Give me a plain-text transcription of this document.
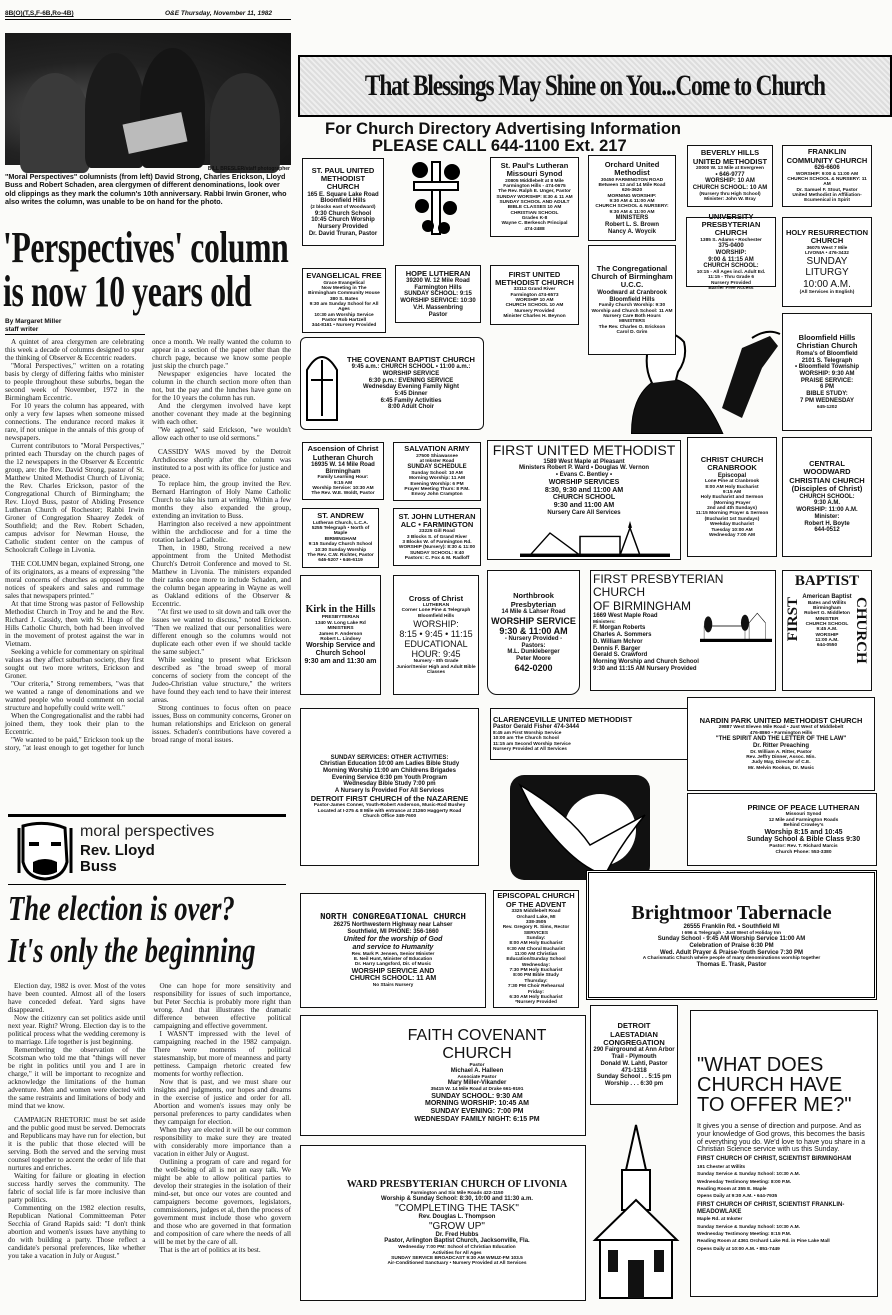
8B(O)(T,S,F-6B,Ro-4B)	O&E Thursday, November 11, 1982
BILL BRESLER/staff photographer
"Moral Perspectives" columnists (from left) David Strong, Charles Erickson, Lloyd Buss and Robert Schaden, area clergymen of different denominations, look over old clippings as they mark the column's 10th anniversary. Rabbi Irwin Groner, who also writes the column, was unable to be on hand for the photo.
'Perspectives' column is now 10 years old
By Margaret Miller
staff writer

A quintet of area clergymen are celebrating this week a decade of columns designed to spur the thinking of Observer & Eccentric readers.

"Moral Perspectives," written on a rotating basis by clergy of differing faiths who minister to people throughout these suburbs, began the second week of November, 1972 in the Birmingham Eccentric.

For 10 years the column has appeared, with only a very few lapses when someone missed connections. The endurance record makes it rare, if not unique in the annals of this group of newspapers.

Current contributors to "Moral Perspectives," printed each Thursday on the church pages of the 12 newspapers in the Observer & Eccentric group, are: the Rev. David Strong, pastor of St. Matthew United Methodist Church of Livonia; the Rev. Charles Erickson, pastor of the Congregational Church of Birmingham; the Rev. Lloyd Buss, pastor of Abiding Presence Lutheran Church of Rochester; Rabbi Irwin Groner of Congregation Shaarey Zedek of Southfield; and the Rev. Robert Schaden, campus advisor for Newman House, the Catholic student center on the campus of Schoolcraft College in Livonia.

THE COLUMN began, explained Strong, one of its originators, as a means of expressing "the moral concerns of churches as opposed to the notices of speakers and sales and rummage sales that newspapers printed."

At that time Strong was pastor of Fellowship Methodist Church in Troy and he and the Rev. Richard J. Cassidy, then with St. Hugo of the Hills Catholic Church, both had been involved in the movement of protest against the war in Vietnam.

Seeking a vehicle for commentary on spiritual values as they affect suburban society, they first sought out two more writers, Erickson and Groner.

"Our criteria," Strong remembers, "was that we wanted a range of denominations and we wanted people who would comment on social structure and hopefully could write well."

When the Congregationalist and the rabbi had joined them, they took their plan to the Eccentric.

"We wanted to be paid," Erickson took up the story, "at least enough to get together for lunch once a month. We really wanted the column to appear in a section of the paper other than the church page, because we know some people just skip the church page."

Newspaper exigencies have located the column in the church section more often than not, but the pay and the lunches have gone on for the 10 years the column has run.

And the clergymen involved have kept another covenant they made at the beginning with each other.

"We agreed," said Erickson, "we wouldn't allow each other to use old sermons."

CASSIDY WAS moved by the Detroit Archdiocese shortly after the column was instituted to a post with its office for justice and peace.

To replace him, the group invited the Rev. Bernard Harrington of Holy Name Catholic Church to take his turn at writing. Within a few months they also expanded the group, extending an invitation to Buss.

Harrington also received a new appointment within the archdiocese and for a time the rotation lacked a Catholic.

Then, in 1980, Strong received a new appointment from the United Methodist Church's Detroit Conference and moved to St. Matthew in Livonia. The ministers expanded their ranks once more to include Schaden, and the column began appearing in Wayne as well as Oakland editions of the Observer & Eccentric.

"At first we used to sit down and talk over the issues we wanted to discuss," noted Erickson. "Then we realized that our personalities were different enough so the columns would not duplicate each other even if we should tackle the same subject."

While seeking to present what Erickson described as "the broad sweep of moral concerns of society from the concept of the Judeo-Christian value structure," the writers have found they each tend to have their interest areas.

Strong continues to focus often on peace issues, Buss on community concerns, Groner on human relationships and Erickson on general issues. Schaden's contributions have covered a broad range of moral issues.

moral perspectives
Rev. Lloyd Buss
The election is over?
It's only the beginning

Election day, 1982 is over. Most of the votes have been counted. Almost all of the losers have conceded defeat. Yard signs have disappeared.

Now the citizenry can set politics aside until next year. Right? Wrong. Election day is to the political process what the wedding ceremony is to marriage. Life together is just beginning.

Remembering the observation of the Scotsman who told me that "things will never be right in politics until you and I are in charge," it will be important to recognize and acknowledge the limitations of the human adventure. Men and women were elected with the same restraints and limitations of body and mind that we know.

CAMPAIGN RHETORIC must be set aside and the public good must be served. Democrats and Republicans may have run for election, but it is the public that those elected will be serving. Both the served and the serving must counsel together to accent the order of life that nurtures and enriches.

Waiting for failure or gloating in election success hardly serves the community. The fabric of social life is far more inclusive than party politics.

Commenting on the 1982 election results, Republican National Committeeman Peter Secchia of Grand Rapids said: "I don't think abortion and women's issues have anything to do with building a party. Those reflect a candidate's personal preferences, like whether you take a vacation in July or August."

One can hope for more sensitivity and responsibility for issues of such importance, but Peter Secchia is probably more right than wrong. And that illustrates the dramatic difference between effective political campaigning and effective government.

I WASN'T impressed with the level of campaigning reached in the 1982 campaign. There were moments of political statesmanship, but more of meanness and party pettiness. Campaign rhetoric created few moments for worthy reflection.

Now that is past, and we must share our insights and judgments, our hopes and dreams in the exercise of justice and order for all. Abortion and women's issues may only be personal preferences to party candidates when they campaign for election.

When they are elected it will be our common responsibility to make sure they are treated with considerably more importance than a vacation in either July or August.

Outlining a program of care and regard for the well-being of all is not an easy talk. We might be able to allow political parties to develop their strategies in the isolation of their mind-set, but once our votes are counted and campaigners become governors, legislators, commissioners, judges et al, then the process of government must include those who govern and those who are governed in that formation and composition of care where the needs of all will be met by the care of all.

That is the art of politics at its best.

That Blessings May Shine on You...Come to Church
For Church Directory Advertising Information
PLEASE CALL 644-1100 Ext. 217
ST. PAUL UNITED METHODIST CHURCH
165 E. Square Lake Road
Bloomfield Hills
(2 blocks east of Woodward)
9:30 Church School
10:45 Church Worship
Nursery Provided
Dr. David Truran, Pastor
St. Paul's Lutheran Missouri Synod
20805 Middlebelt at 8 Mile
Farmington Hills - 474-0675
The Rev. Ralph E. Unger, Pastor
SUNDAY WORSHIP: 8:30 & 11 AM
SUNDAY SCHOOL AND ADULT BIBLE CLASSES 10 AM
CHRISTIAN SCHOOL
Grades K-8
Wayne C. Berkesch Principal
474-2488
Orchard United Methodist
30450 FARMINGTON ROAD
Between 13 and 14 Mile Road
626-3620
MORNING WORSHIP:
9:30 AM & 11:00 AM
CHURCH SCHOOL & NURSERY:
9:30 AM & 11:00 AM
MINISTERS
Robert L. S. Brown
Nancy A. Woycik
BEVERLY HILLS UNITED METHODIST
20000 W. 13 Mile at Evergreen
• 646-9777
WORSHIP: 10 AM
CHURCH SCHOOL: 10 AM
(Nursery thru High School)
Minister: John W. Bray
FRANKLIN COMMUNITY CHURCH
626-6606
WORSHIP: 9:00 & 11:00 AM
CHURCH SCHOOL & NURSERY: 11 AM
Dr. Samuel F. Stout, Pastor
United Methodist in Affiliation-Ecumenical in Spirit
UNIVERSITY PRESBYTERIAN CHURCH
1385 S. Adams • Rochester
375-0400
WORSHIP:
9:00 & 11:15 AM
CHURCH SCHOOL:
10:15 - All Ages incl. Adult Ed.
11:15 - Thru Grade 6
Nursery Provided
Barrier Free Access
HOLY RESURRECTION CHURCH
36075 West 7 Mile
LIVONIA • 476-3432
SUNDAY LITURGY
10:00 A.M.
(All Services in English)
The Congregational Church of Birmingham U.C.C.
Woodward at Cranbrook
Bloomfield Hills
Family Church Worship: 9:30
Worship and Church School: 11 AM
Nursery Care Both Hours
MINISTERS
The Rev. Charles O. Erickson
Carol D. Grim
Bloomfield Hills Christian Church
Roma's of Bloomfield
2101 S. Telegraph
• Bloomfield Township
WORSHIP: 9:30 AM
PRAISE SERVICE:
6 PM
BIBLE STUDY:
7 PM WEDNESDAY
645-1202
EVANGELICAL FREE
Grace Evangelical
Now Meeting in The
Birmingham Community House
380 S. Bates
9:30 am Sunday School for All Ages
10:30 am Worship Service
Pastor Rob Hartzell
344-8161 • Nursery Provided
HOPE LUTHERAN
39200 W. 12 Mile Road
Farmington Hills
SUNDAY SCHOOL: 9:15
WORSHIP SERVICE: 10:30
V.H. Massenbring
Pastor
FIRST UNITED METHODIST CHURCH
33112 Grand River
Farmington 474-6573
WORSHIP 10 AM
CHURCH SCHOOL 10 AM
Nursery Provided
Minister Charles H. Beynon
THE COVENANT BAPTIST CHURCH
9:45 a.m.: CHURCH SCHOOL • 11:00 a.m.:
WORSHIP SERVICE
6:30 p.m.: EVENING SERVICE
Wednesday Evening Family Night
5:45 Dinner
6:45 Family Activities
8:00 Adult Choir
Ascension of Christ Lutheran Church
16935 W. 14 Mile Road
Birmingham
Family Learning Hour:
9:15 AM
Worship Service: 10:30 AM
The Rev. W.E. Woldt, Pastor
SALVATION ARMY
27500 Shiawassee
at Inkster Road
SUNDAY SCHEDULE
Sunday School: 10 AM
Morning Worship: 11 AM
Evening Worship: 6 PM
Prayer Meeting Thurs: 8 P.M.
Envoy John Crampton
FIRST UNITED METHODIST
1589 West Maple at Pleasant
Ministers Robert P. Ward • Douglas W. Vernon
• Evans C. Bentley •
WORSHIP SERVICES
8:30, 9:30 and 11:00 AM
CHURCH SCHOOL
9:30 and 11:00 AM
Nursery Care All Services
CHRIST CHURCH CRANBROOK
Episcopal
Lone Pine at Cranbrook
8:00 AM Holy Eucharist
9:15 AM
Holy Eucharist and Sermon
(Morning Prayer
2nd and 4th Sundays)
11:15 Morning Prayer & Sermon
(Eucharist 1st Sundays)
Weekday Eucharist
Tuesday 10:00 AM
Wednesday 7:00 AM
CENTRAL WOODWARD CHRISTIAN CHURCH
(Disciples of Christ)
CHURCH SCHOOL:
9:30 A.M.
WORSHIP: 11:00 A.M.
Minister:
Robert H. Boyte
644-0512
ST. ANDREW
Lutheran Church, L.C.A.
5255 Telegraph • North of Maple
BIRMINGHAM
9:15 Sunday Church School
10:30 Sunday Worship
The Rev. C.W. Richter, Pastor
646-5207 • 646-6119
ST. JOHN LUTHERAN
ALC • FARMINGTON
23225 Gill Road
3 Blocks S. of Grand River
3 Blocks W. of Farmington Rd.
WORSHIP (Nursery): 8:30 & 11:00
SUNDAY SCHOOL: 9:40
Pastors: C. Fox & M. Radloff
Kirk in the Hills
PRESBYTERIAN
1340 W. Long Lake Rd
MINISTERS
James F. Anderson
Robert L. Lindsey
Worship Service and Church School
9:30 am and 11:30 am
Cross of Christ
LUTHERAN
Corner Lone Pine & Telegraph
Bloomfield Hills
WORSHIP:
8:15 • 9:45 • 11:15
EDUCATIONAL
HOUR: 9:45
Nursery - 8th Grade
Junior/Senior High and Adult Bible Classes
Northbrook Presbyterian
14 Mile & Lahser Road
WORSHIP SERVICE
9:30 & 11:00 AM
- Nursery Provided -
Pastors:
M.L. Dunkleberger
Peter Moore
642-0200
FIRST PRESBYTERIAN CHURCH
OF BIRMINGHAM
1669 West Maple Road
Ministers:
F. Morgan Roberts
Charles A. Sommers
D. William McIvor
Dennis F. Barger
Gerald S. Crawford
Morning Worship and Church School
9:30 and 11:15 AM Nursery Provided
BAPTIST
American Baptist
Bates and Willits
Birmingham
Robert G. Middleton
MINISTER
CHURCH SCHOOL
9:45 A.M.
WORSHIP
11:00 A.M.
644-0550
FIRST	CHURCH
SUNDAY SERVICES: OTHER ACTIVITIES:
Christian Education 10:00 am Ladies Bible Study
Morning Worship 11:00 am Childrens Brigades
Evening Service 6:30 pm Youth Program
Wednesday Bible Study 7:00 pm
A Nursery Is Provided For All Services
DETROIT FIRST CHURCH of the NAZARENE
Pastor-James Conner, Youth-Robert Anderson, Music-Rod Bushey
Located at I-275 & 8 Mile with entrance at 21260 Haggerty Road
Church Office 348-7600
CLARENCEVILLE UNITED METHODIST
Pastor Gerald Fisher 474-3444
8:45 am First Worship Service
10:00 am The Church School
11:15 am Second Worship Service
Nursery Provided at All Services
NARDIN PARK UNITED METHODIST CHURCH
29887 West Eleven Mile Road • Just West of Middlebelt
476-8860 • Farmington Hills
"THE SPIRIT AND THE LETTER OF THE LAW"
Dr. Ritter Preaching
Dr. William A. Ritter, Pastor
Rev. Jeffry Dinner, Assoc. Min.
Judy May, Director of C.E.
Mr. Melvin Rookus, Dr. Music
PRINCE OF PEACE LUTHERAN
Missouri Synod
12 Mile and Farmington Roads
Behind Crowley's
Worship 8:15 and 10:45
Sunday School & Bible Class 9:30
Pastor: Rev. T. Richard Marcis
Church Phone: 553-3380
NORTH CONGREGATIONAL CHURCH
26275 Northwestern Highway near Lahser
Southfield, MI PHONE: 356-1660
United for the worship of God
and service to Humanity
Rev. Mark P. Jensen, Senior Minister
E. Neil Hunt, Minister of Education
Dr. Harry Langsford, Dir. of Music
WORSHIP SERVICE AND
CHURCH SCHOOL: 11 AM
No Stairs Nursery
EPISCOPAL CHURCH OF THE ADVENT
3325 Middlebelt Road
Orchard Lake, MI
338-3505
Rev. Gregory R. Sims, Rector
SERVICES
Sunday:
8:00 AM Holy Eucharist
9:30 AM Choral Eucharist
11:00 AM Christian Education/Sunday School
Wednesday:
7:30 PM Holy Eucharist
8:00 PM Bible Study
Thursday:
7:30 PM Choir Rehearsal
Friday:
6:30 AM Holy Eucharist
*Nursery Provided
Brightmoor Tabernacle
26555 Franklin Rd. • Southfield MI
I 696 & Telegraph · Just West of Holiday Inn
Sunday School - 9:45 AM Worship Service 11:00 AM
Celebration of Praise 6:30 PM
Wed. Adult Prayer & Praise-Youth Service 7:30 PM
A Charismatic Church where people of many denominations worship together
Thomas E. Trask, Pastor
FAITH COVENANT CHURCH
Pastor
Michael A. Halleen
Associate Pastor
Mary Miller-Vikander
35415 W. 14 Mile Road at Drake 661-9191
SUNDAY SCHOOL: 9:30 AM
MORNING WORSHIP: 10:45 AM
SUNDAY EVENING: 7:00 PM
WEDNESDAY FAMILY NIGHT: 6:15 PM
DETROIT LAESTADIAN CONGREGATION
290 Fairground at Ann Arbor Trail - Plymouth
Donald W. Lahti, Pastor
471-1318
Sunday School . . 5:15 pm
Worship . . . 6:30 pm
"WHAT DOES CHURCH HAVE TO OFFER ME?"
It gives you a sense of direction and purpose. And as your knowledge of God grows, this becomes the basis of everything you do. We'd love to have you share in a Christian Science service with us this Sunday.
FIRST CHURCH OF CHRIST, SCIENTIST BIRMINGHAM
191 Chester at Willits
Sunday Service & Sunday School: 10:30 A.M.
Wednesday Testimony Meeting: 8:00 P.M.
Reading Room at 355 E. Maple
Opens Daily at 9:30 A.M. • 644-7935
FIRST CHURCH OF CHRIST, SCIENTIST FRANKLIN-MEADOWLAKE
Maple Rd. at Inkster
Sunday Service & Sunday School: 10:30 A.M.
Wednesday Testimony Meeting: 8:15 P.M.
Reading Room at 4361 Orchard Lake Rd. in Pine Lake Mall
Opens Daily at 10:00 A.M. • 851-7449
WARD PRESBYTERIAN CHURCH OF LIVONIA
Farmington and Six Mile Roads 422-1150
Worship & Sunday School: 8:30, 10:00 and 11:30 a.m.
"COMPLETING THE TASK"
Rev. Douglas L. Thompson
"GROW UP"
Dr. Fred Hubbs
Pastor, Arlington Baptist Church, Jacksonville, Fla.
Wednesday 7:00 PM: School of Christian Education
Activities for All Ages
SUNDAY SERVICE BROADCAST 9:30 AM WMUZ-FM 103.5
Air-Conditioned Sanctuary • Nursery Provided at All Services
